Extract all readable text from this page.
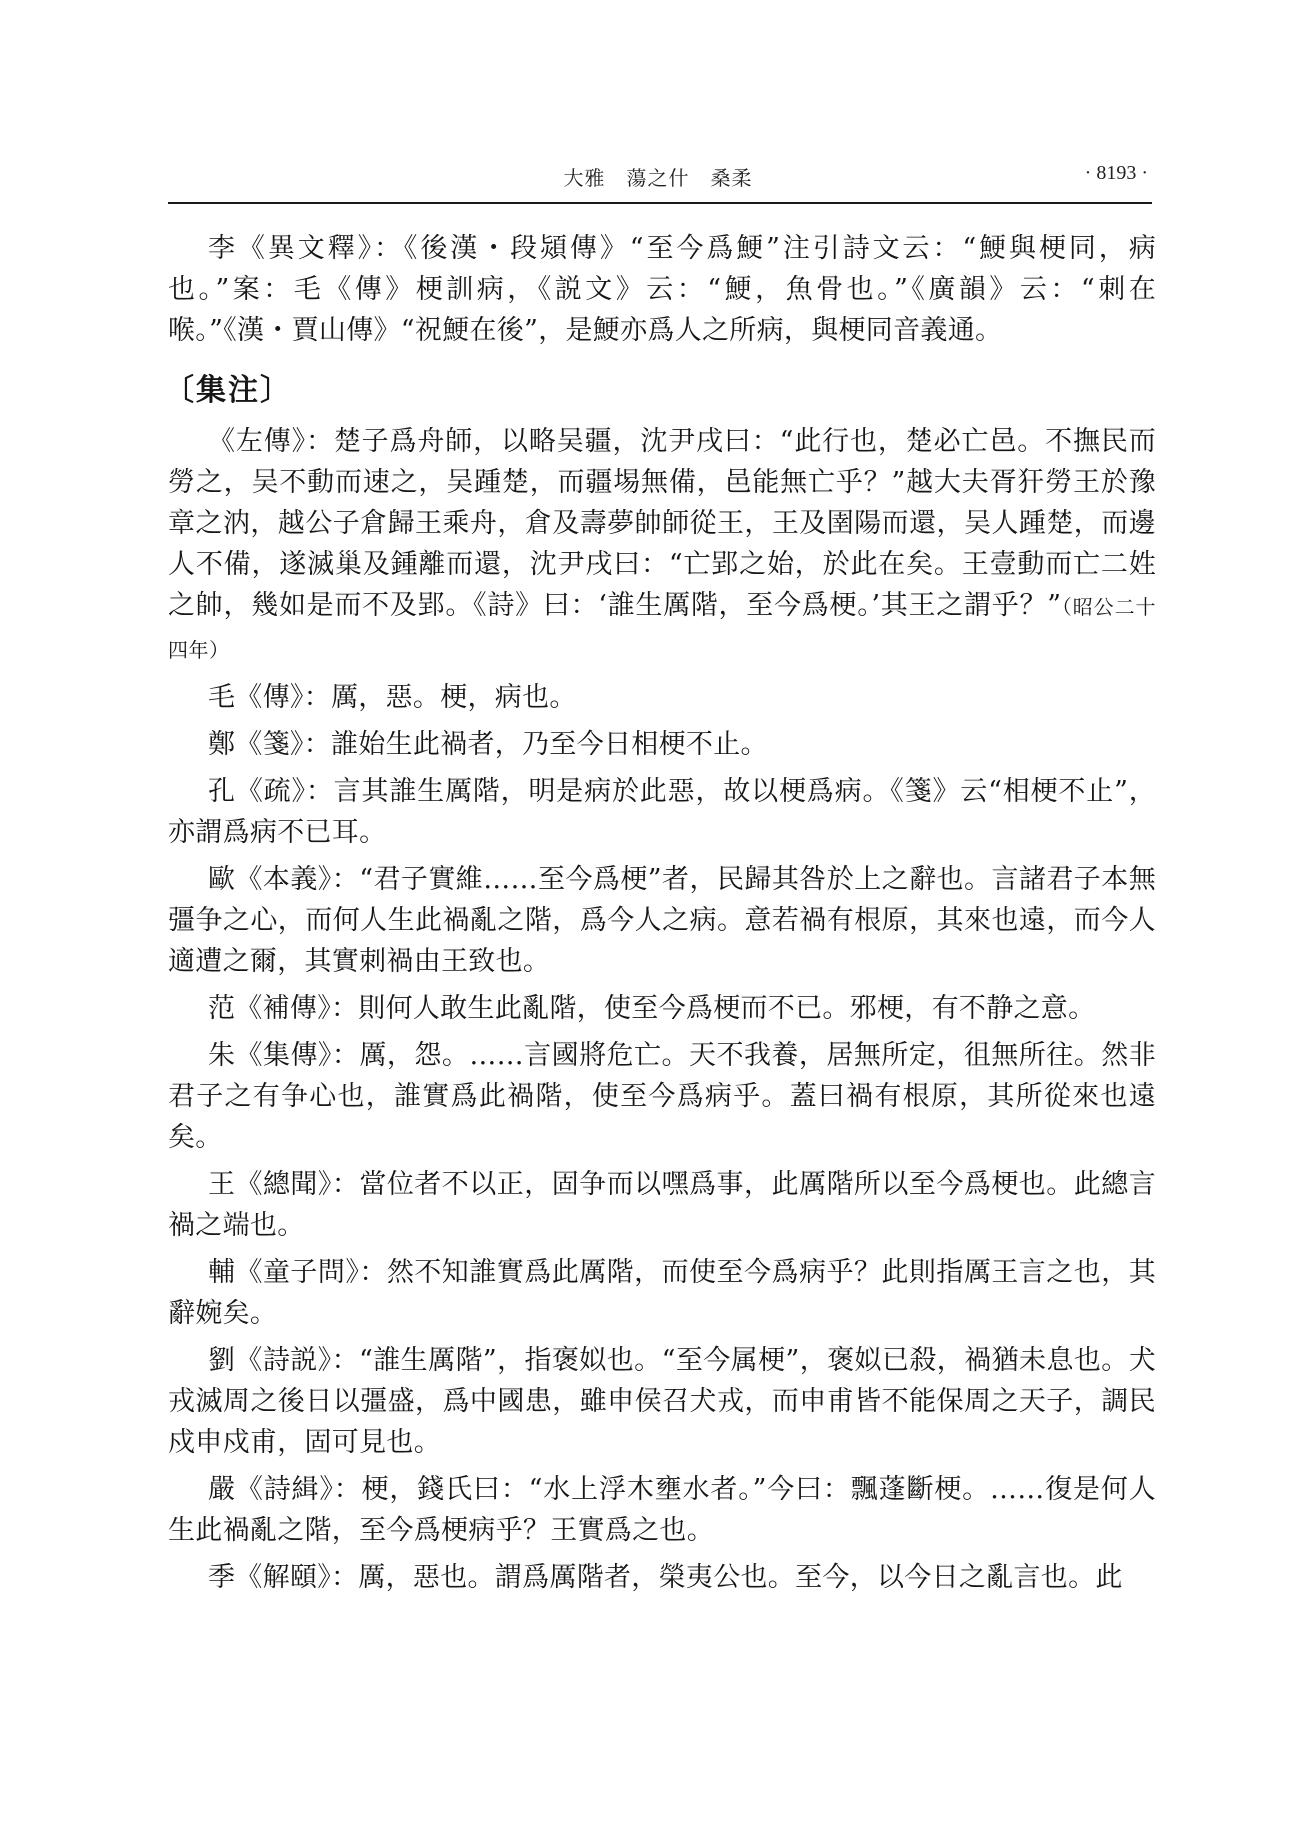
大雅　蕩之什　桑柔	· 8193 ·

李《異文釋》：《後漢・段熲傳》“至今爲鯁”注引詩文云：“鯁與梗同，病也。”案：毛《傳》梗訓病，《説文》云：“鯁，魚骨也。”《廣韻》云：“刺在喉。”《漢・賈山傳》“祝鯁在後”，是鯁亦爲人之所病，與梗同音義通。

〔集注〕

《左傳》：楚子爲舟師，以略吴疆，沈尹戌曰：“此行也，楚必亡邑。不撫民而勞之，吴不動而速之，吴踵楚，而疆埸無備，邑能無亡乎？”越大夫胥犴勞王於豫章之汭，越公子倉歸王乘舟，倉及壽夢帥師從王，王及圉陽而還，吴人踵楚，而邊人不備，遂滅巢及鍾離而還，沈尹戌曰：“亡郢之始，於此在矣。王壹動而亡二姓之帥，幾如是而不及郢。《詩》曰：‘誰生厲階，至今爲梗。’其王之謂乎？”（昭公二十四年）

毛《傳》：厲，惡。梗，病也。

鄭《箋》：誰始生此禍者，乃至今日相梗不止。

孔《疏》：言其誰生厲階，明是病於此惡，故以梗爲病。《箋》云“相梗不止”，亦謂爲病不已耳。

歐《本義》：“君子實維……至今爲梗”者，民歸其咎於上之辭也。言諸君子本無彊争之心，而何人生此禍亂之階，爲今人之病。意若禍有根原，其來也遠，而今人適遭之爾，其實刺禍由王致也。

范《補傳》：則何人敢生此亂階，使至今爲梗而不已。邪梗，有不静之意。

朱《集傳》：厲，怨。……言國將危亡。天不我養，居無所定，徂無所往。然非君子之有争心也，誰實爲此禍階，使至今爲病乎。蓋曰禍有根原，其所從來也遠矣。

王《總聞》：當位者不以正，固争而以嘿爲事，此厲階所以至今爲梗也。此總言禍之端也。

輔《童子問》：然不知誰實爲此厲階，而使至今爲病乎？此則指厲王言之也，其辭婉矣。

劉《詩説》：“誰生厲階”，指褒姒也。“至今属梗”，褒姒已殺，禍猶未息也。犬戎滅周之後日以彊盛，爲中國患，雖申侯召犬戎，而申甫皆不能保周之天子，調民戍申戍甫，固可見也。

嚴《詩緝》：梗，錢氏曰：“水上浮木壅水者。”今曰：飄蓬斷梗。……復是何人生此禍亂之階，至今爲梗病乎？王實爲之也。

季《解頤》：厲，惡也。謂爲厲階者，榮夷公也。至今，以今日之亂言也。此
